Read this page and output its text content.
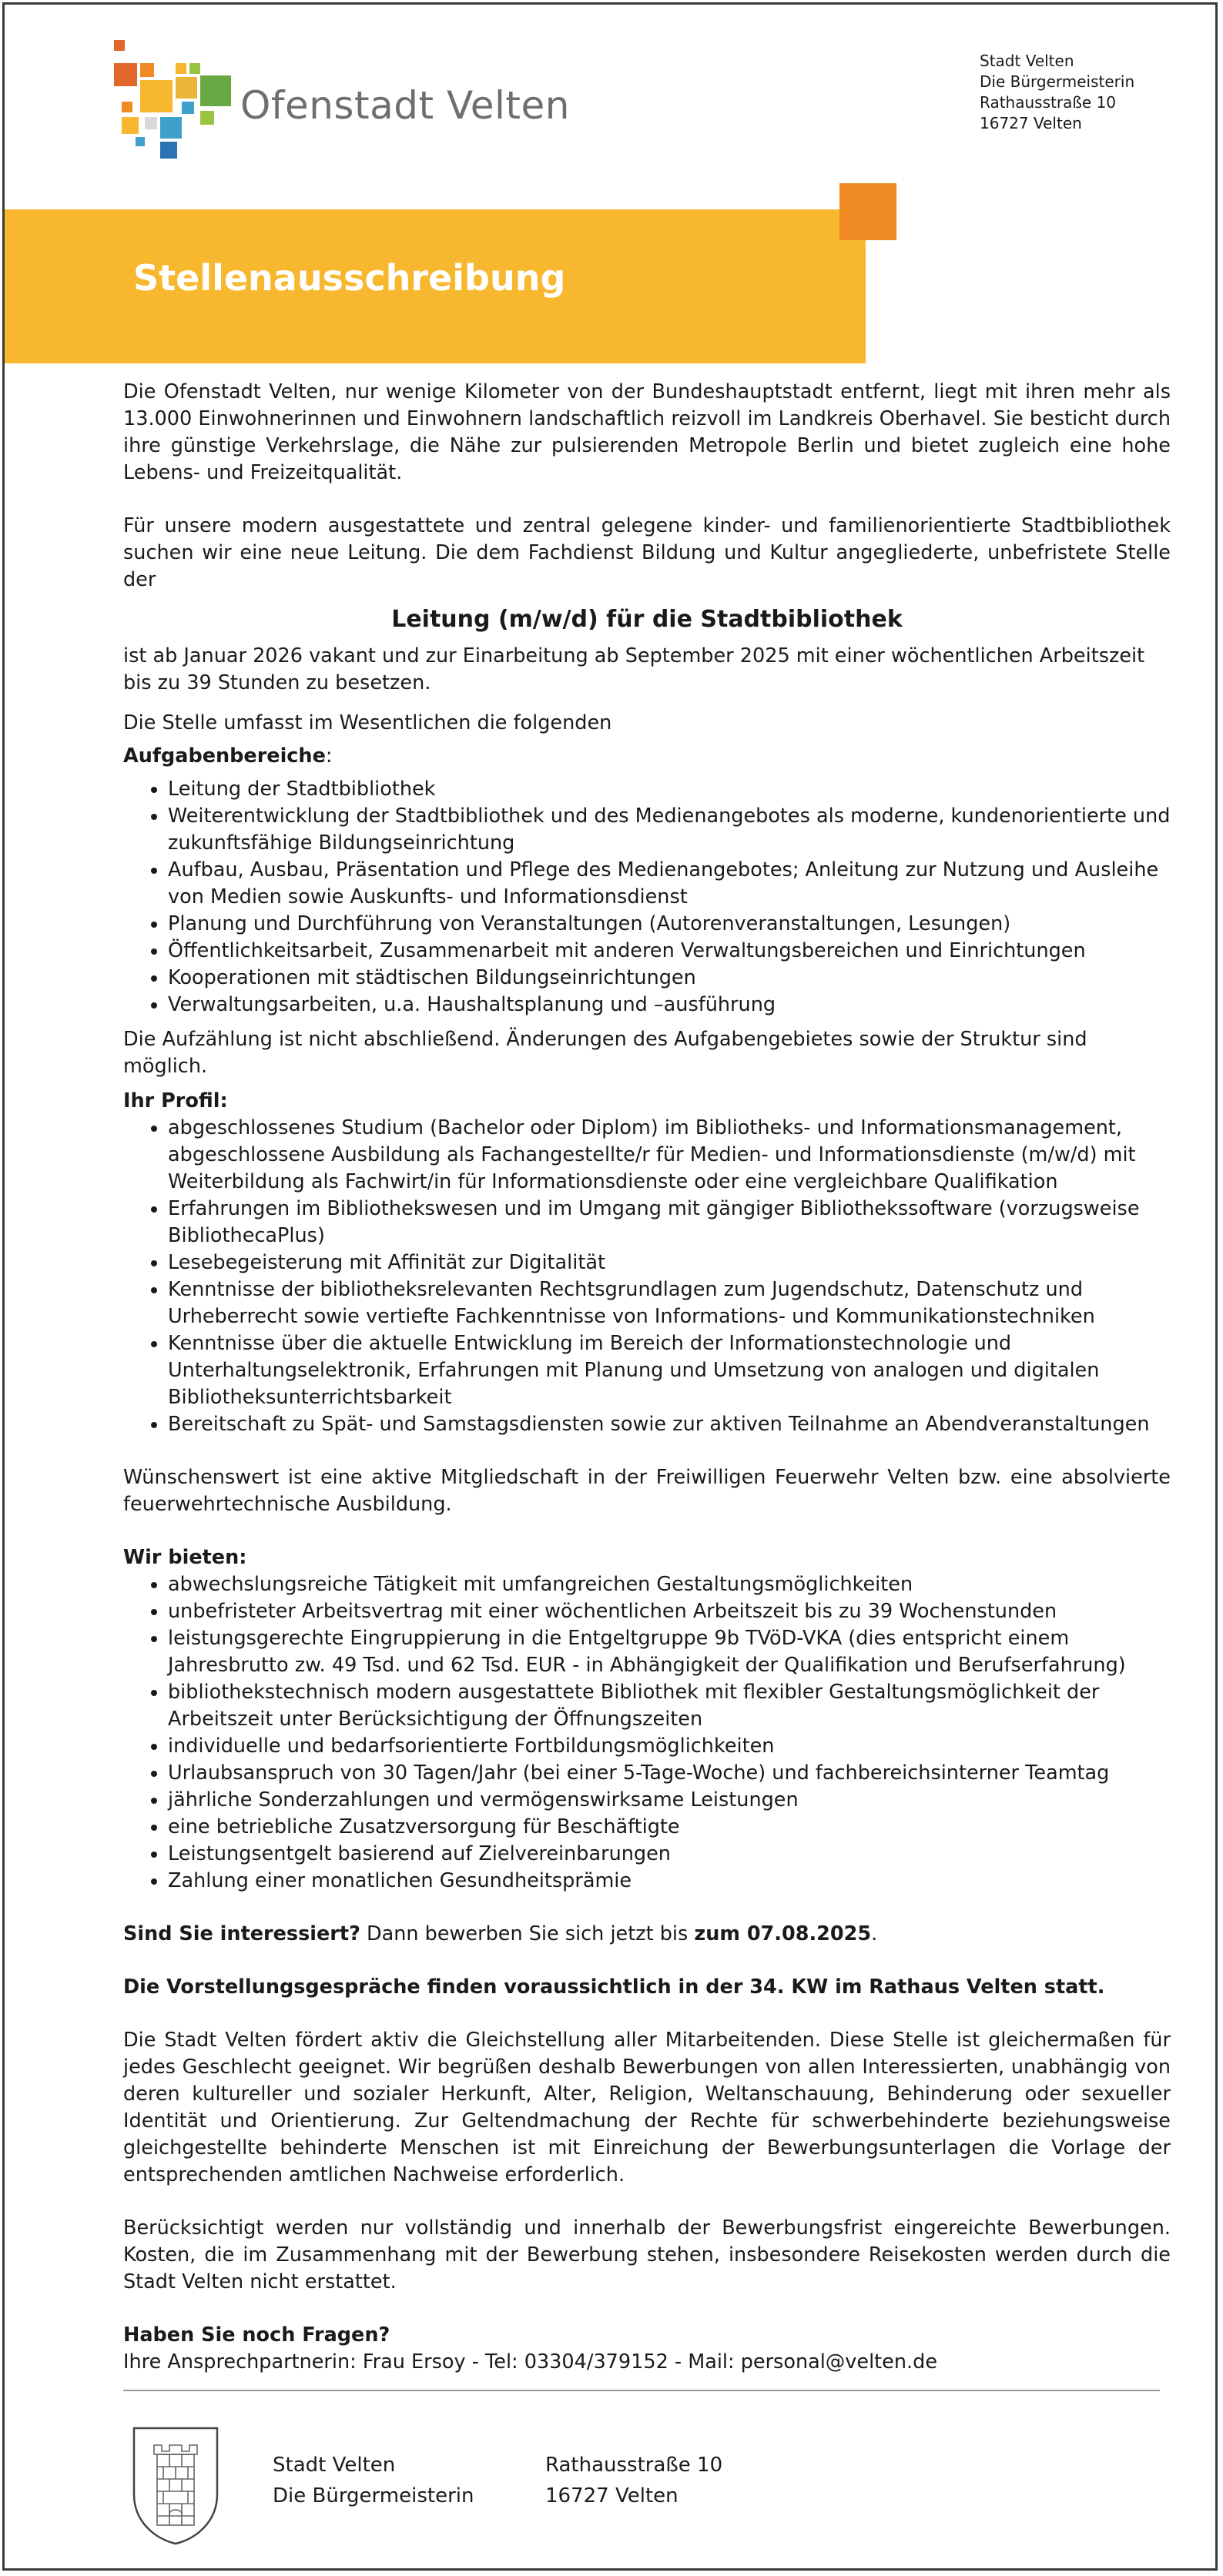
Ofenstadt Velten
Stadt Velten
Die Bürgermeisterin
Rathausstraße 10
16727 Velten
Stellenausschreibung

Die Ofenstadt Velten, nur wenige Kilometer von der Bundeshauptstadt entfernt, liegt mit ihren mehr als 13.000 Einwohnerinnen und Einwohnern landschaftlich reizvoll im Landkreis Oberhavel. Sie besticht durch ihre günstige Verkehrslage, die Nähe zur pulsierenden Metropole Berlin und bietet zugleich eine hohe Lebens- und Freizeitqualität.

Für unsere modern ausgestattete und zentral gelegene kinder- und familienorientierte Stadtbibliothek suchen wir eine neue Leitung. Die dem Fachdienst Bildung und Kultur angegliederte, unbefristete Stelle der

Leitung (m/w/d) für die Stadtbibliothek

ist ab Januar 2026 vakant und zur Einarbeitung ab September 2025 mit einer wöchentlichen Arbeitszeit bis zu 39 Stunden zu besetzen.

Die Stelle umfasst im Wesentlichen die folgenden

Aufgabenbereiche:

• Leitung der Stadtbibliothek
• Weiterentwicklung der Stadtbibliothek und des Medienangebotes als moderne, kundenorientierte und zukunftsfähige Bildungseinrichtung
• Aufbau, Ausbau, Präsentation und Pflege des Medienangebotes; Anleitung zur Nutzung und Ausleihe von Medien sowie Auskunfts- und Informationsdienst
• Planung und Durchführung von Veranstaltungen (Autorenveranstaltungen, Lesungen)
• Öffentlichkeitsarbeit, Zusammenarbeit mit anderen Verwaltungsbereichen und Einrichtungen
• Kooperationen mit städtischen Bildungseinrichtungen
• Verwaltungsarbeiten, u.a. Haushaltsplanung und –ausführung

Die Aufzählung ist nicht abschließend. Änderungen des Aufgabengebietes sowie der Struktur sind möglich.

Ihr Profil:

• abgeschlossenes Studium (Bachelor oder Diplom) im Bibliotheks- und Informationsmanagement, abgeschlossene Ausbildung als Fachangestellte/r für Medien- und Informationsdienste (m/w/d) mit Weiterbildung als Fachwirt/in für Informationsdienste oder eine vergleichbare Qualifikation
• Erfahrungen im Bibliothekswesen und im Umgang mit gängiger Bibliothekssoftware (vorzugsweise BibliothecaPlus)
• Lesebegeisterung mit Affinität zur Digitalität
• Kenntnisse der bibliotheksrelevanten Rechtsgrundlagen zum Jugendschutz, Datenschutz und Urheberrecht sowie vertiefte Fachkenntnisse von Informations- und Kommunikationstechniken
• Kenntnisse über die aktuelle Entwicklung im Bereich der Informationstechnologie und Unterhaltungselektronik, Erfahrungen mit Planung und Umsetzung von analogen und digitalen Bibliotheksunterrichtsbarkeit
• Bereitschaft zu Spät- und Samstagsdiensten sowie zur aktiven Teilnahme an Abendveranstaltungen

Wünschenswert ist eine aktive Mitgliedschaft in der Freiwilligen Feuerwehr Velten bzw. eine absolvierte feuerwehrtechnische Ausbildung.

Wir bieten:

• abwechslungsreiche Tätigkeit mit umfangreichen Gestaltungsmöglichkeiten
• unbefristeter Arbeitsvertrag mit einer wöchentlichen Arbeitszeit bis zu 39 Wochenstunden
• leistungsgerechte Eingruppierung in die Entgeltgruppe 9b TVöD-VKA (dies entspricht einem Jahresbrutto zw. 49 Tsd. und 62 Tsd. EUR - in Abhängigkeit der Qualifikation und Berufserfahrung)
• bibliothekstechnisch modern ausgestattete Bibliothek mit flexibler Gestaltungsmöglichkeit der Arbeitszeit unter Berücksichtigung der Öffnungszeiten
• individuelle und bedarfsorientierte Fortbildungsmöglichkeiten
• Urlaubsanspruch von 30 Tagen/Jahr (bei einer 5-Tage-Woche) und fachbereichsinterner Teamtag
• jährliche Sonderzahlungen und vermögenswirksame Leistungen
• eine betriebliche Zusatzversorgung für Beschäftigte
• Leistungsentgelt basierend auf Zielvereinbarungen
• Zahlung einer monatlichen Gesundheitsprämie

Sind Sie interessiert? Dann bewerben Sie sich jetzt bis zum 07.08.2025.

Die Vorstellungsgespräche finden voraussichtlich in der 34. KW im Rathaus Velten statt.

Die Stadt Velten fördert aktiv die Gleichstellung aller Mitarbeitenden. Diese Stelle ist gleichermaßen für jedes Geschlecht geeignet. Wir begrüßen deshalb Bewerbungen von allen Interessierten, unabhängig von deren kultureller und sozialer Herkunft, Alter, Religion, Weltanschauung, Behinderung oder sexueller Identität und Orientierung. Zur Geltendmachung der Rechte für schwerbehinderte beziehungsweise gleichgestellte behinderte Menschen ist mit Einreichung der Bewerbungsunterlagen die Vorlage der entsprechenden amtlichen Nachweise erforderlich.

Berücksichtigt werden nur vollständig und innerhalb der Bewerbungsfrist eingereichte Bewerbungen. Kosten, die im Zusammenhang mit der Bewerbung stehen, insbesondere Reisekosten werden durch die Stadt Velten nicht erstattet.

Haben Sie noch Fragen?

Ihre Ansprechpartnerin: Frau Ersoy - Tel: 03304/379152 - Mail: personal@velten.de

Stadt Velten
Die Bürgermeisterin
Rathausstraße 10
16727 Velten
